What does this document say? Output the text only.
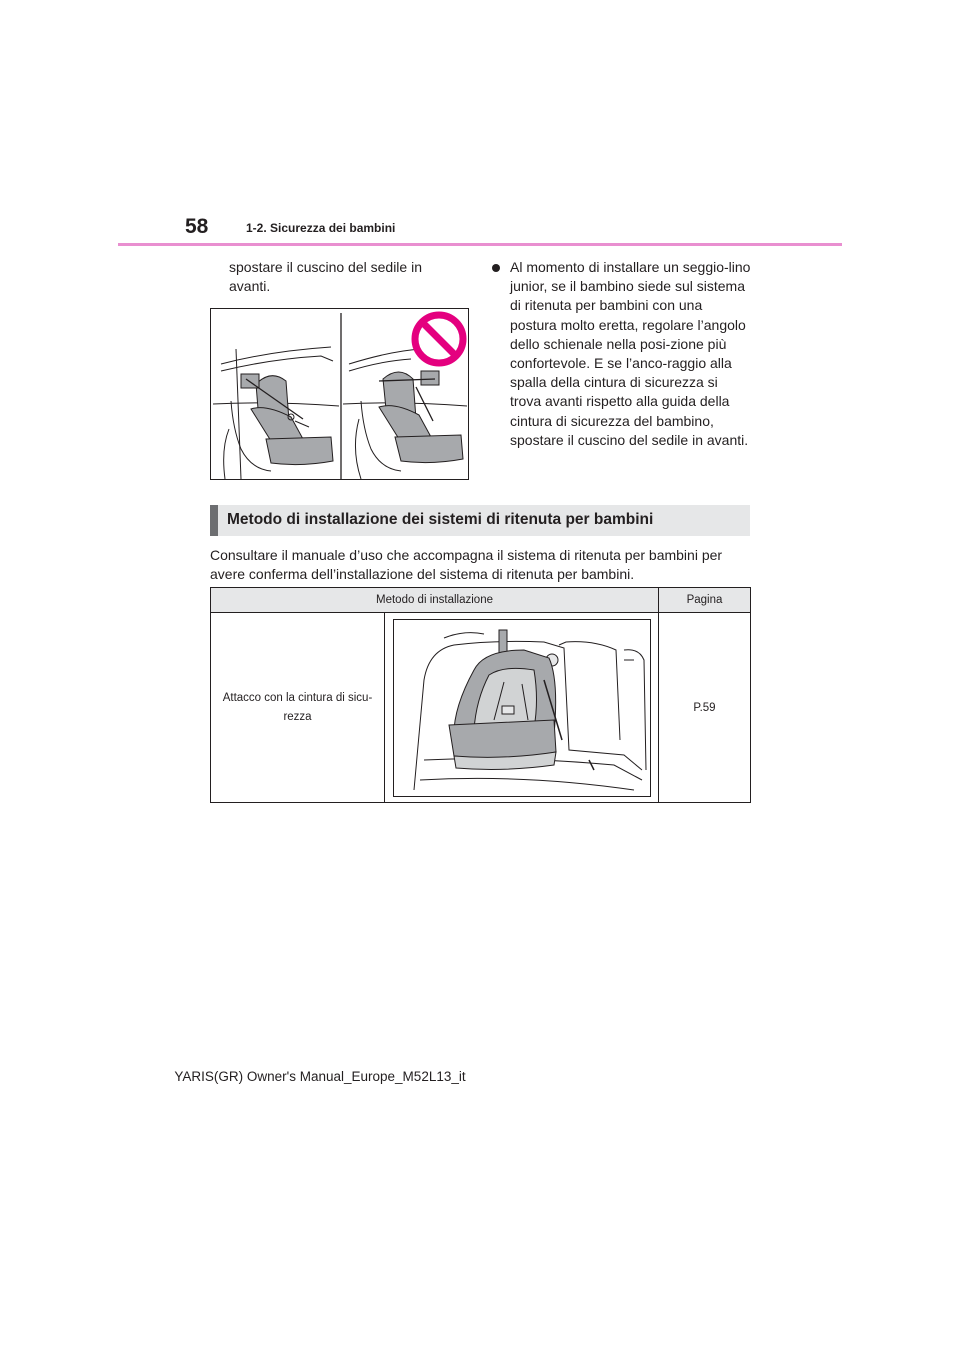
58	1-2. Sicurezza dei bambini
spostare il cuscino del sedile in avanti.
Al momento di installare un seggio-lino junior, se il bambino siede sul sistema di ritenuta per bambini con una postura molto eretta, regolare l’angolo dello schienale nella posi-zione più confortevole. E se l’anco-raggio alla spalla della cintura di sicurezza si trova avanti rispetto alla guida della cintura di sicurezza del bambino, spostare il cuscino del sedile in avanti.
Metodo di installazione dei sistemi di ritenuta per bambini
Consultare il manuale d’uso che accompagna il sistema di ritenuta per bambini per avere conferma dell’installazione del sistema di ritenuta per bambini.
Metodo di installazione		Pagina

Attacco con la cintura di sicu-rezza		P.59
YARIS(GR) Owner's Manual_Europe_M52L13_it
